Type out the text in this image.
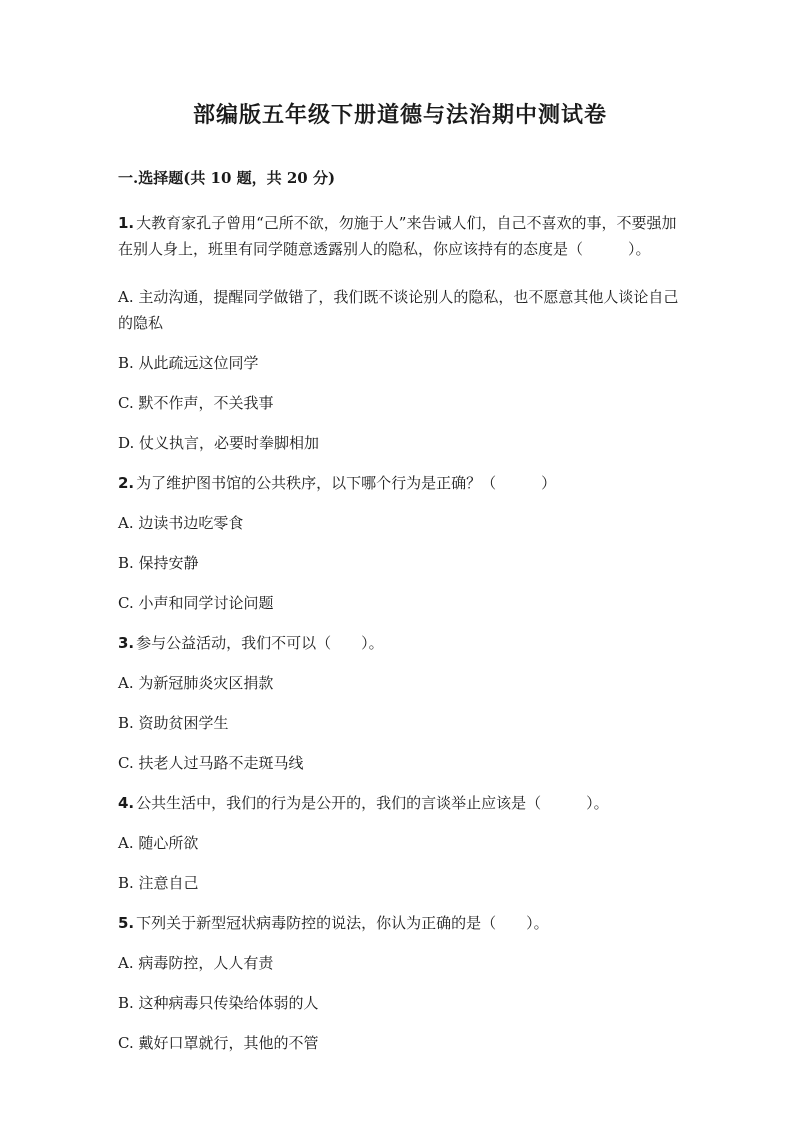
部编版五年级下册道德与法治期中测试卷

一.选择题(共 10 题，共 20 分)

1. 大教育家孔子曾用“己所不欲，勿施于人”来告诫人们，自己不喜欢的事，不要强加在别人身上，班里有同学随意透露别人的隐私，你应该持有的态度是（　　　）。

A. 主动沟通，提醒同学做错了，我们既不谈论别人的隐私，也不愿意其他人谈论自己的隐私

B. 从此疏远这位同学

C. 默不作声，不关我事

D. 仗义执言，必要时拳脚相加

2. 为了维护图书馆的公共秩序，以下哪个行为是正确？（　　　）

A. 边读书边吃零食

B. 保持安静

C. 小声和同学讨论问题

3. 参与公益活动，我们不可以（　　）。

A. 为新冠肺炎灾区捐款

B. 资助贫困学生

C. 扶老人过马路不走斑马线

4. 公共生活中，我们的行为是公开的，我们的言谈举止应该是（　　　）。

A. 随心所欲

B. 注意自己

5. 下列关于新型冠状病毒防控的说法，你认为正确的是（　　）。

A. 病毒防控，人人有责

B. 这种病毒只传染给体弱的人

C. 戴好口罩就行，其他的不管
